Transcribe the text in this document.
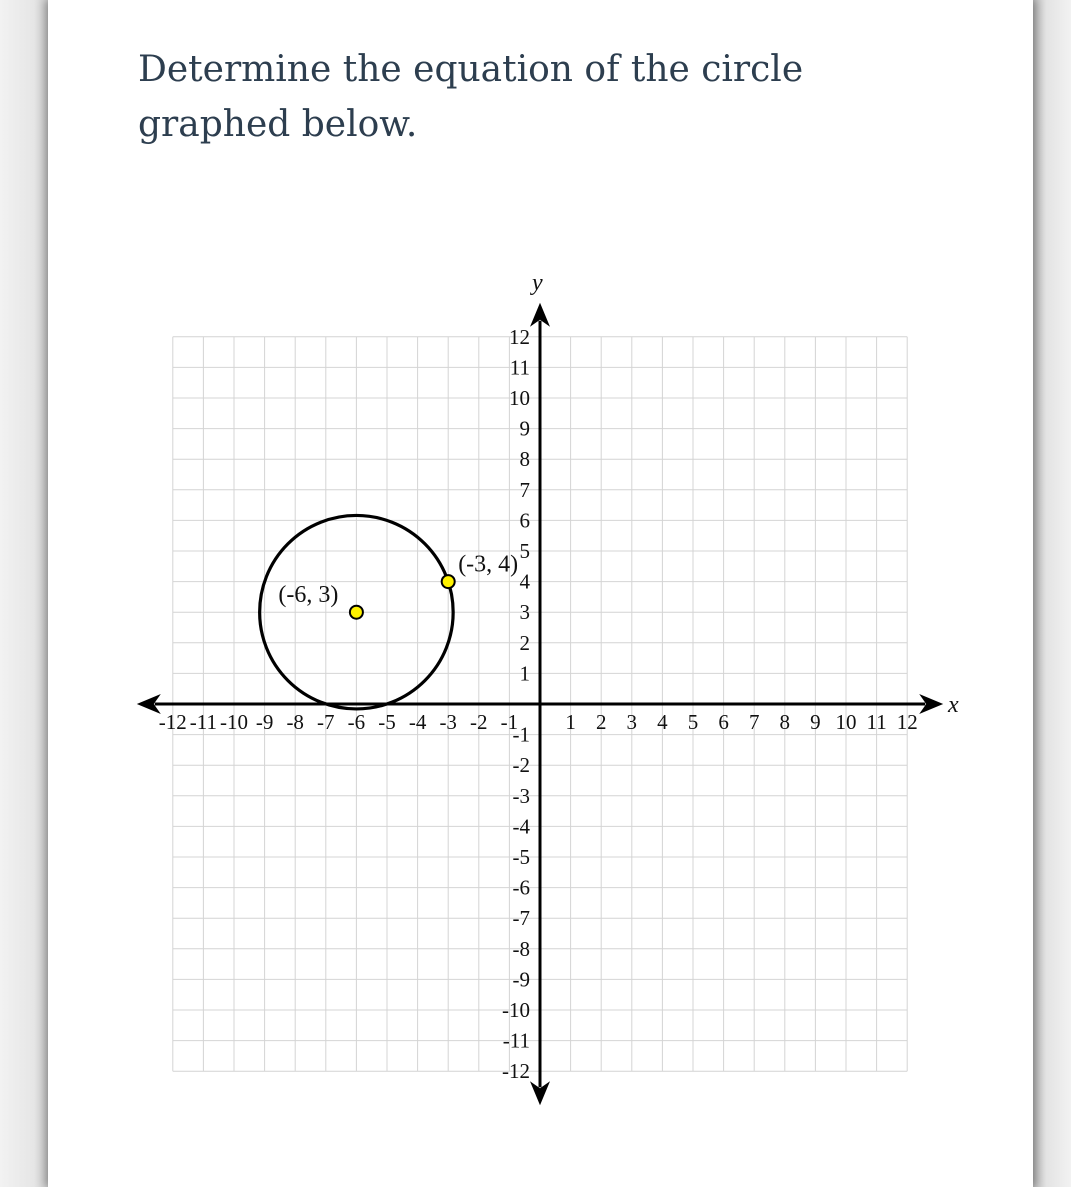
Determine the equation of the circle graphed below.
-12 -11 -10 -9 -8 -7 -6 -5 -4 -3 -2 -1 1 2 3 4 5 6 7 8 9 10 11 12
12
11
10
9
8
7
6
5
4
3
2
1
-1
-2
-3
-4
-5
-6
-7
-8
-9
-10
-11
-12
(-6, 3)
(-3, 4)
x
y
